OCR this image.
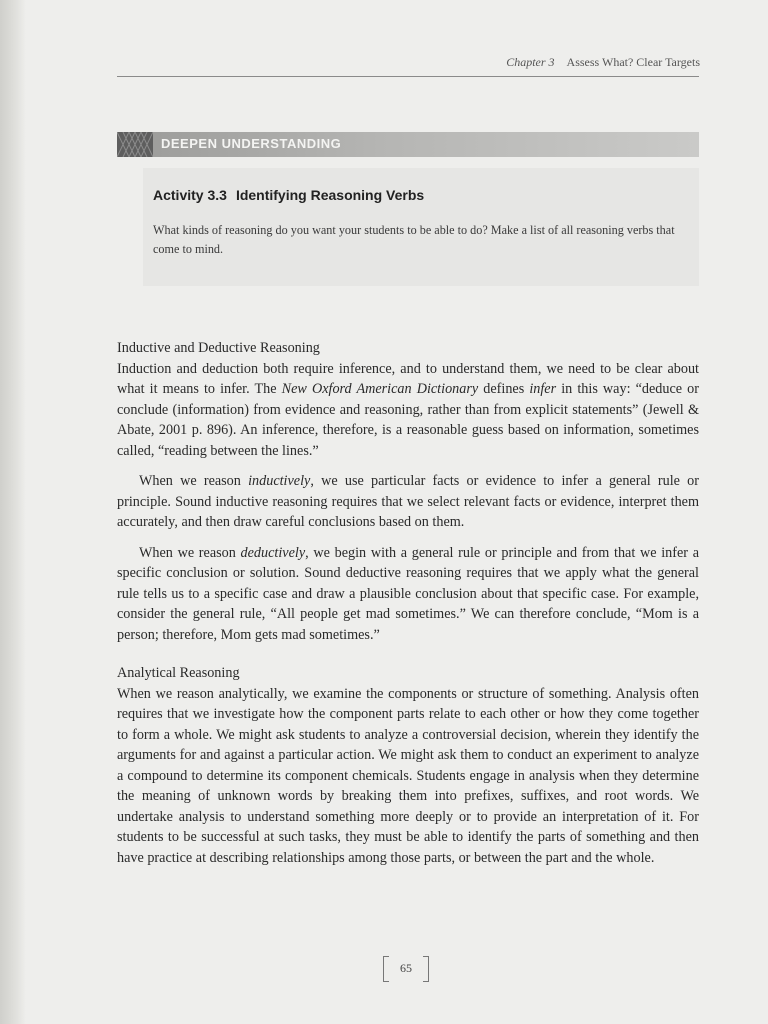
Chapter 3 Assess What? Clear Targets
DEEPEN UNDERSTANDING
Activity 3.3 Identifying Reasoning Verbs
What kinds of reasoning do you want your students to be able to do? Make a list of all reasoning verbs that come to mind.

Inductive and Deductive Reasoning

Induction and deduction both require inference, and to understand them, we need to be clear about what it means to infer. The New Oxford American Dictionary defines infer in this way: “deduce or conclude (information) from evidence and reasoning, rather than from explicit statements” (Jewell & Abate, 2001 p. 896). An inference, therefore, is a reasonable guess based on information, sometimes called, “reading between the lines.”

When we reason inductively, we use particular facts or evidence to infer a general rule or principle. Sound inductive reasoning requires that we select relevant facts or evidence, interpret them accurately, and then draw careful conclusions based on them.

When we reason deductively, we begin with a general rule or principle and from that we infer a specific conclusion or solution. Sound deductive reasoning requires that we apply what the general rule tells us to a specific case and draw a plausible conclusion about that specific case. For example, consider the general rule, “All people get mad sometimes.” We can therefore conclude, “Mom is a person; therefore, Mom gets mad sometimes.”

Analytical Reasoning

When we reason analytically, we examine the components or structure of something. Analysis often requires that we investigate how the component parts relate to each other or how they come together to form a whole. We might ask students to analyze a controversial decision, wherein they identify the arguments for and against a particular action. We might ask them to conduct an experiment to analyze a compound to determine its component chemicals. Students engage in analysis when they determine the meaning of unknown words by breaking them into prefixes, suffixes, and root words. We undertake analysis to understand something more deeply or to provide an interpretation of it. For students to be successful at such tasks, they must be able to identify the parts of something and then have practice at describing relationships among those parts, or between the part and the whole.

65
